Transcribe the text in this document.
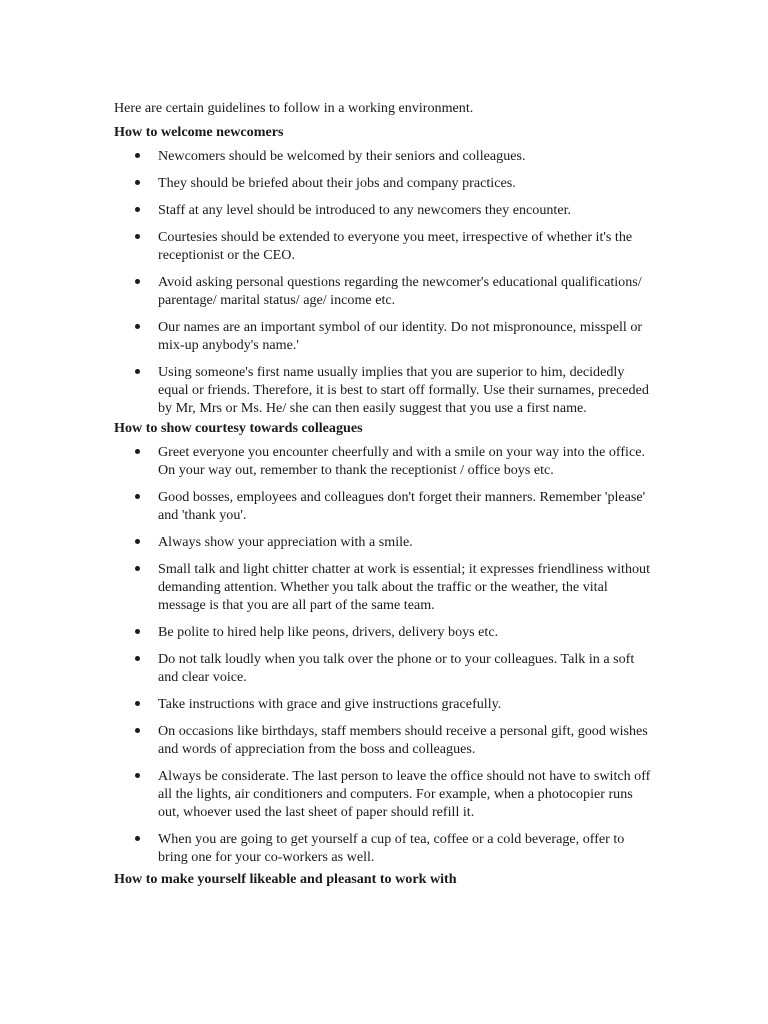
Here are certain guidelines to follow in a working environment.

How to welcome newcomers

Newcomers should be welcomed by their seniors and colleagues.
They should be briefed about their jobs and company practices.
Staff at any level should be introduced to any newcomers they encounter.
Courtesies should be extended to everyone you meet, irrespective of whether it's the receptionist or the CEO.
Avoid asking personal questions regarding the newcomer's educational qualifications/ parentage/ marital status/ age/ income etc.
Our names are an important symbol of our identity. Do not mispronounce, misspell or mix-up anybody's name.'
Using someone's first name usually implies that you are superior to him, decidedly equal or friends. Therefore, it is best to start off formally. Use their surnames, preceded by Mr, Mrs or Ms. He/ she can then easily suggest that you use a first name.

How to show courtesy towards colleagues

Greet everyone you encounter cheerfully and with a smile on your way into the office. On your way out, remember to thank the receptionist / office boys etc.
Good bosses, employees and colleagues don't forget their manners. Remember 'please' and 'thank you'.
Always show your appreciation with a smile.
Small talk and light chitter chatter at work is essential; it expresses friendliness without demanding attention. Whether you talk about the traffic or the weather, the vital message is that you are all part of the same team.
Be polite to hired help like peons, drivers, delivery boys etc.
Do not talk loudly when you talk over the phone or to your colleagues. Talk in a soft and clear voice.
Take instructions with grace and give instructions gracefully.
On occasions like birthdays, staff members should receive a personal gift, good wishes and words of appreciation from the boss and colleagues.
Always be considerate. The last person to leave the office should not have to switch off all the lights, air conditioners and computers. For example, when a photocopier runs out, whoever used the last sheet of paper should refill it.
When you are going to get yourself a cup of tea, coffee or a cold beverage, offer to bring one for your co-workers as well.

How to make yourself likeable and pleasant to work with
